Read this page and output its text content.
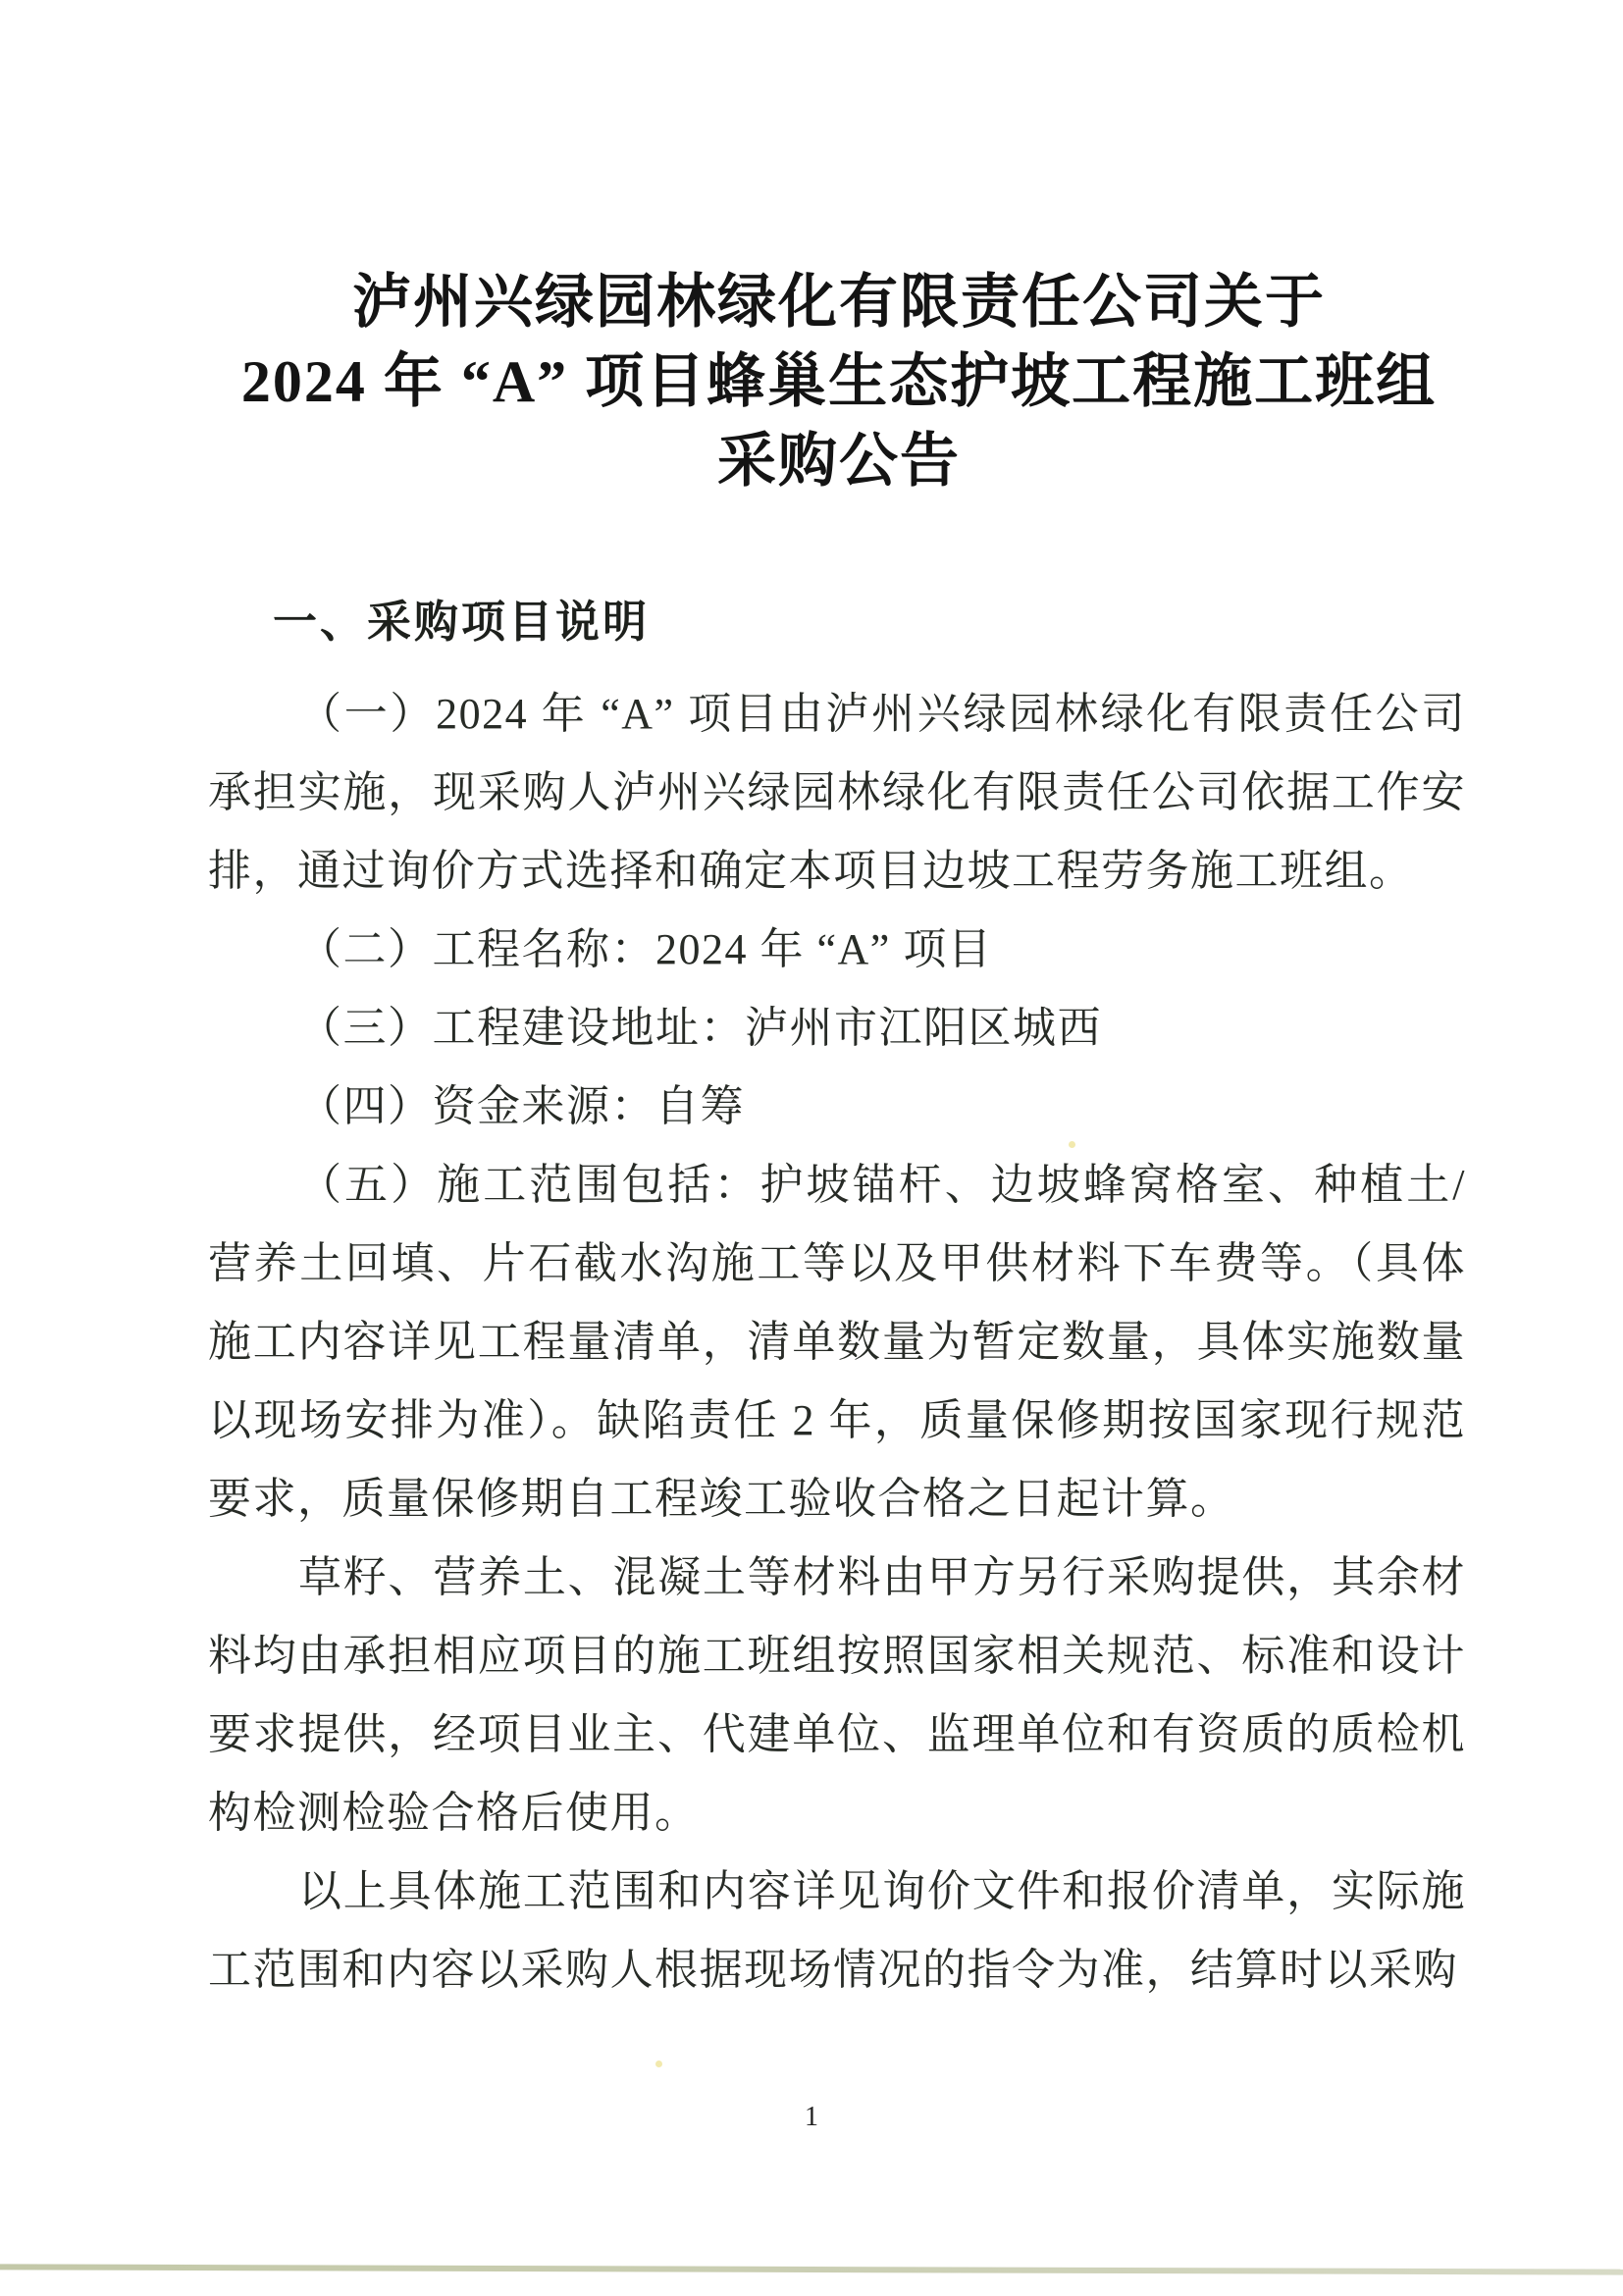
泸州兴绿园林绿化有限责任公司关于
2024 年 “A” 项目蜂巢生态护坡工程施工班组
采购公告
一、采购项目说明

（一）2024 年 “A” 项目由泸州兴绿园林绿化有限责任公司承担实施，现采购人泸州兴绿园林绿化有限责任公司依据工作安排，通过询价方式选择和确定本项目边坡工程劳务施工班组。

（二）工程名称：2024 年 “A” 项目

（三）工程建设地址：泸州市江阳区城西

（四）资金来源：自筹

（五）施工范围包括：护坡锚杆、边坡蜂窝格室、种植土/营养土回填、片石截水沟施工等以及甲供材料下车费等。（具体施工内容详见工程量清单，清单数量为暂定数量，具体实施数量以现场安排为准）。缺陷责任 2 年，质量保修期按国家现行规范要求，质量保修期自工程竣工验收合格之日起计算。

草籽、营养土、混凝土等材料由甲方另行采购提供，其余材料均由承担相应项目的施工班组按照国家相关规范、标准和设计要求提供，经项目业主、代建单位、监理单位和有资质的质检机构检测检验合格后使用。

以上具体施工范围和内容详见询价文件和报价清单，实际施工范围和内容以采购人根据现场情况的指令为准，结算时以采购

1
